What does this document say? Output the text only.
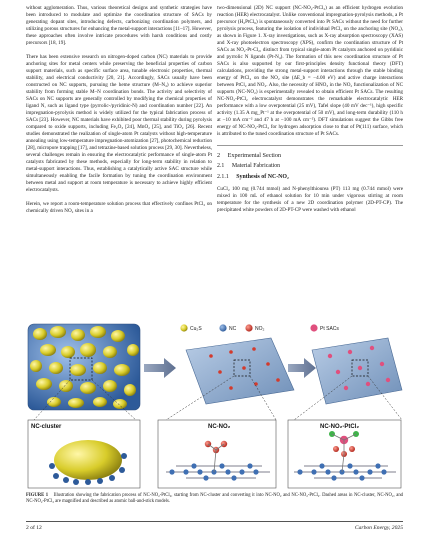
without agglomeration. Thus, various theoretical designs and synthetic strategies have been introduced to modulate and optimize the coordination structure of SACs by generating dopant sites, introducing defects, carbonizing coordination polymers, and utilizing porous structures for enhancing the metal-support interactions [11–17]. However, these approaches often involve intricate procedures with harsh conditions and costly precursors [18, 19].

There has been extensive research on nitrogen-doped carbon (NC) materials to provide anchoring sites for metal centers while preserving the beneficial properties of carbon support materials, such as specific surface area, tunable electronic properties, thermal stability, and electrical conductivity [20, 21]. Accordingly, SACs usually have been constructed on NC supports, pursuing the heme structure (M–N₄) to achieve superior stability from forming stable M–N coordination bonds. The activity and selectivity of SACs on NC supports are generally controlled by modifying the chemical properties of ligand N, such as ligand type (pyrrolic-/pyridinic-N) and coordination number [22]. An impregnation-pyrolysis method is widely utilized for the typical fabrication process of SACs [23]. However, NC materials have exhibited poor thermal stability during pyrolysis compared to oxide supports, including Fe₂O₃ [24], MnO₂ [25], and TiO₂ [26]. Recent studies demonstrated the realization of single-atom Pt catalysts without high-temperature annealing using low-temperature impregnation-atomization [27], photochemical reduction [28], micropore trapping [17], and tetrazine-based solution process [29, 30]. Nevertheless, several challenges remain in ensuring the electrocatalytic performance of single-atom Pt catalysts fabricated by these methods, especially for long-term stability in relation to metal-support interactions. Thus, establishing a catalytically active SAC structure while simultaneously enabling the facile formation by tuning the coordination environment between metal and support at room temperature is necessary to achieve highly efficient electrocatalysts.

Herein, we report a room-temperature solution process that effectively confines PtCl₂ on chemically driven NO₂ sites in a

two-dimensional (2D) NC support (NC-NO₂-PtCl₂) as an efficient hydrogen evolution reaction (HER) electrocatalyst. Unlike conventional impregnation-pyrolysis methods, a Pt precursor (H₂PtCl₆) is spontaneously converted into Pt SACs without the need for further pyrolysis process, featuring the isolation of individual PtCl₂ on the anchoring site (NO₂), as shown in Figure 1. X-ray investigations, such as X-ray absorption spectroscopy (XAS) and X-ray photoelectron spectroscopy (XPS), confirm the coordination structure of Pt SACs as NO₂-Pt-Cl₂, distinct from typical single-atom Pt catalysts anchored on pyridinic and pyrrolic N ligands (Pt-N₄). The formation of this new coordination structure of Pt SACs is also supported by our first-principles density functional theory (DFT) calculations, providing the strong metal-support interactions through the stable binding energy of PtCl₂ on the NO₂ site (ΔE_b = −4.00 eV) and active charge interactions between PtCl₂ and NO₂. Also, the necessity of HNO₃ in the NO₂ functionalization of NC supports (NC-NO₂) is experimentally revealed to obtain efficient Pt SACs. The resulting NC-NO₂-PtCl₂ electrocatalyst demonstrates the remarkable electrocatalytic HER performance with a low overpotential (25 mV), Tafel slope (40 mV dec⁻¹), high specific activity (1.35 A mg_Pt⁻¹ at the overpotential of 50 mV), and long-term durability (110 h at −10 mA cm⁻² and 47 h at −100 mA cm⁻²). DFT simulations suggest the Gibbs free energy of NC-NO₂-PtCl₂ for hydrogen adsorption close to that of Pt(111) surface, which is attributed to the tuned coordination structure of Pt SACs.

2 Experimental Section
2.1 Material Fabrication
2.1.1 Synthesis of NC-NO₂

CuCl₂ 100 mg (0.744 mmol) and N-phenylthiourea (PT) 113 mg (0.744 mmol) were mixed in 100 mL of ethanol solution for 10 min under vigorous stirring at room temperature for the synthesis of a new 2D coordination polymer (2D-PT-CP). The precipitated white powders of 2D-PT-CP were washed with ethanol

Cu₂S	NC	NO₂	Pt SACs
NC-cluster	NC-NO₂	NC-NO₂-PtCl₂
FIGURE 1 Illustration showing the fabrication process of NC-NO₂-PtCl₂, starting from NC-cluster and converting it into NC-NO₂ and NC-NO₂-PtCl₂. Dashed areas in NC-cluster, NC-NO₂, and NC-NO₂-PtCl₂ are magnified and described as atomic ball-and-stick models.
2 of 12	Carbon Energy, 2025
